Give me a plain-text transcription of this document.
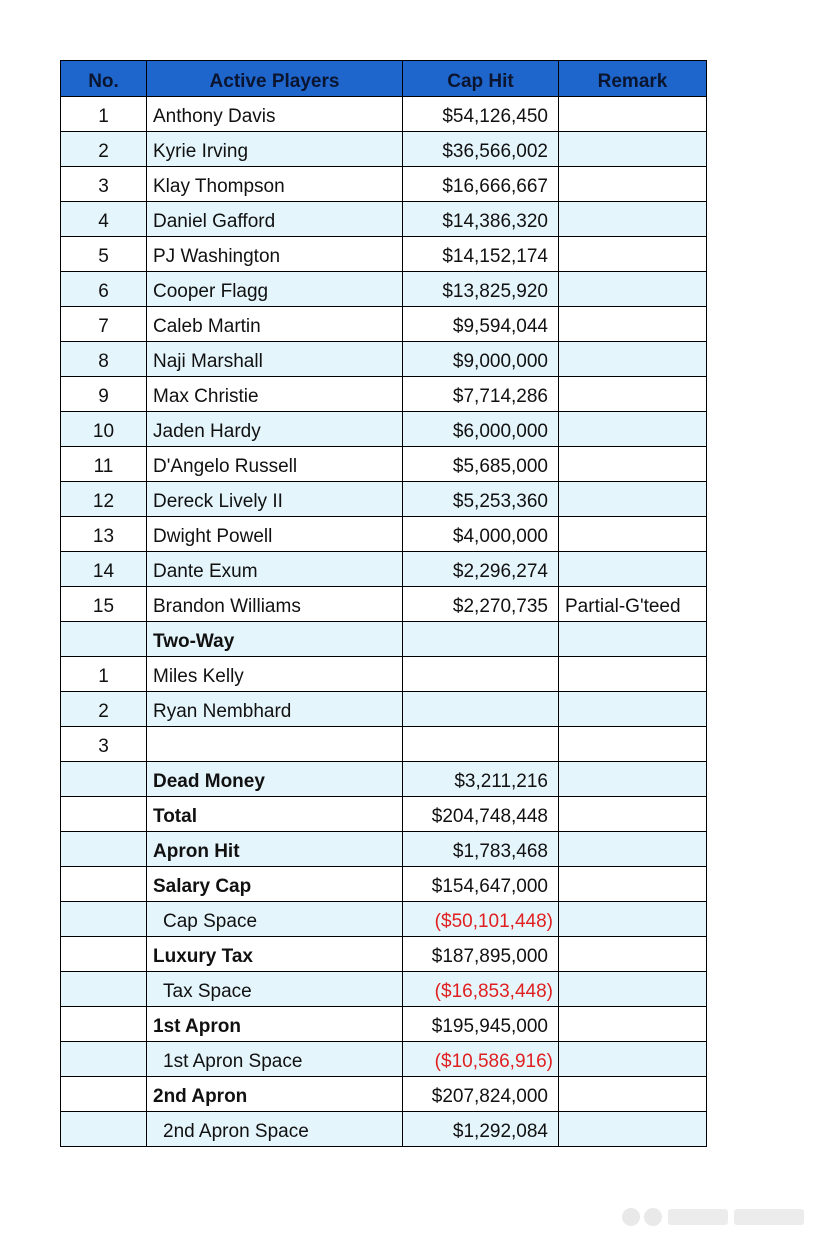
No.	Active Players	Cap Hit	Remark
1	Anthony Davis	$54,126,450	
2	Kyrie Irving	$36,566,002	
3	Klay Thompson	$16,666,667	
4	Daniel Gafford	$14,386,320	
5	PJ Washington	$14,152,174	
6	Cooper Flagg	$13,825,920	
7	Caleb Martin	$9,594,044	
8	Naji Marshall	$9,000,000	
9	Max Christie	$7,714,286	
10	Jaden Hardy	$6,000,000	
11	D'Angelo Russell	$5,685,000	
12	Dereck Lively II	$5,253,360	
13	Dwight Powell	$4,000,000	
14	Dante Exum	$2,296,274	
15	Brandon Williams	$2,270,735	Partial-G'teed
	Two-Way		
1	Miles Kelly		
2	Ryan Nembhard		
3			
	Dead Money	$3,211,216	
	Total	$204,748,448	
	Apron Hit	$1,783,468	
	Salary Cap	$154,647,000	
	Cap Space	($50,101,448)	
	Luxury Tax	$187,895,000	
	Tax Space	($16,853,448)	
	1st Apron	$195,945,000	
	1st Apron Space	($10,586,916)	
	2nd Apron	$207,824,000	
	2nd Apron Space	$1,292,084	
